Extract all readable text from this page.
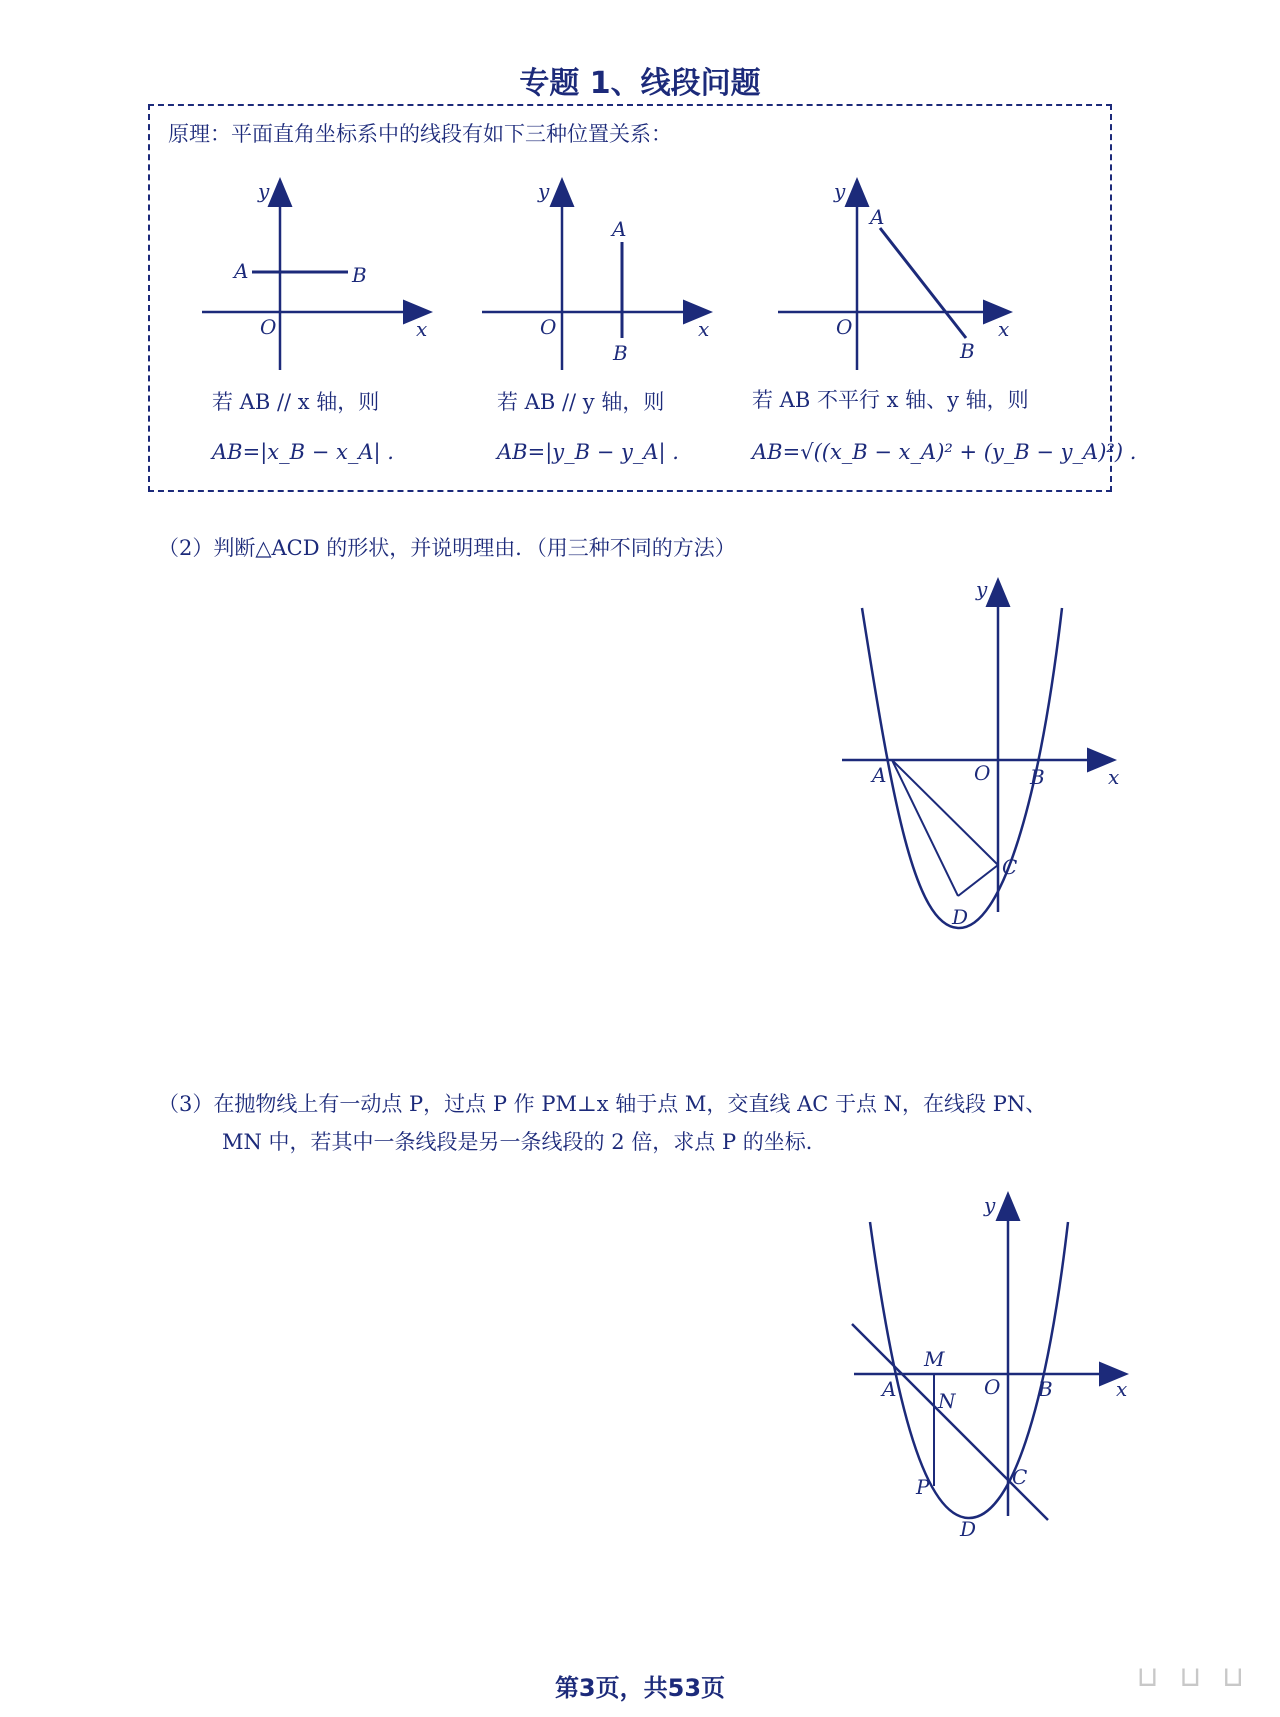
专题 1、线段问题
原理：平面直角坐标系中的线段有如下三种位置关系：
y
x
O
A	B
y
x
O
A
B
y
x
O
A
B
若 AB // x 轴，则
AB=|x_B − x_A| .
若 AB // y 轴，则
AB=|y_B − y_A| .
若 AB 不平行 x 轴、y 轴，则
AB=√((x_B − x_A)² + (y_B − y_A)²) .
（2）判断△ACD 的形状，并说明理由．（用三种不同的方法）
y
x
O
A	B
C
D
（3）在抛物线上有一动点 P，过点 P 作 PM⊥x 轴于点 M，交直线 AC 于点 N，在线段 PN、
MN 中，若其中一条线段是另一条线段的 2 倍，求点 P 的坐标．
y
x
O
A	B
M
N
C
P
D
第3页，共53页	⊔ ⊔ ⊔
